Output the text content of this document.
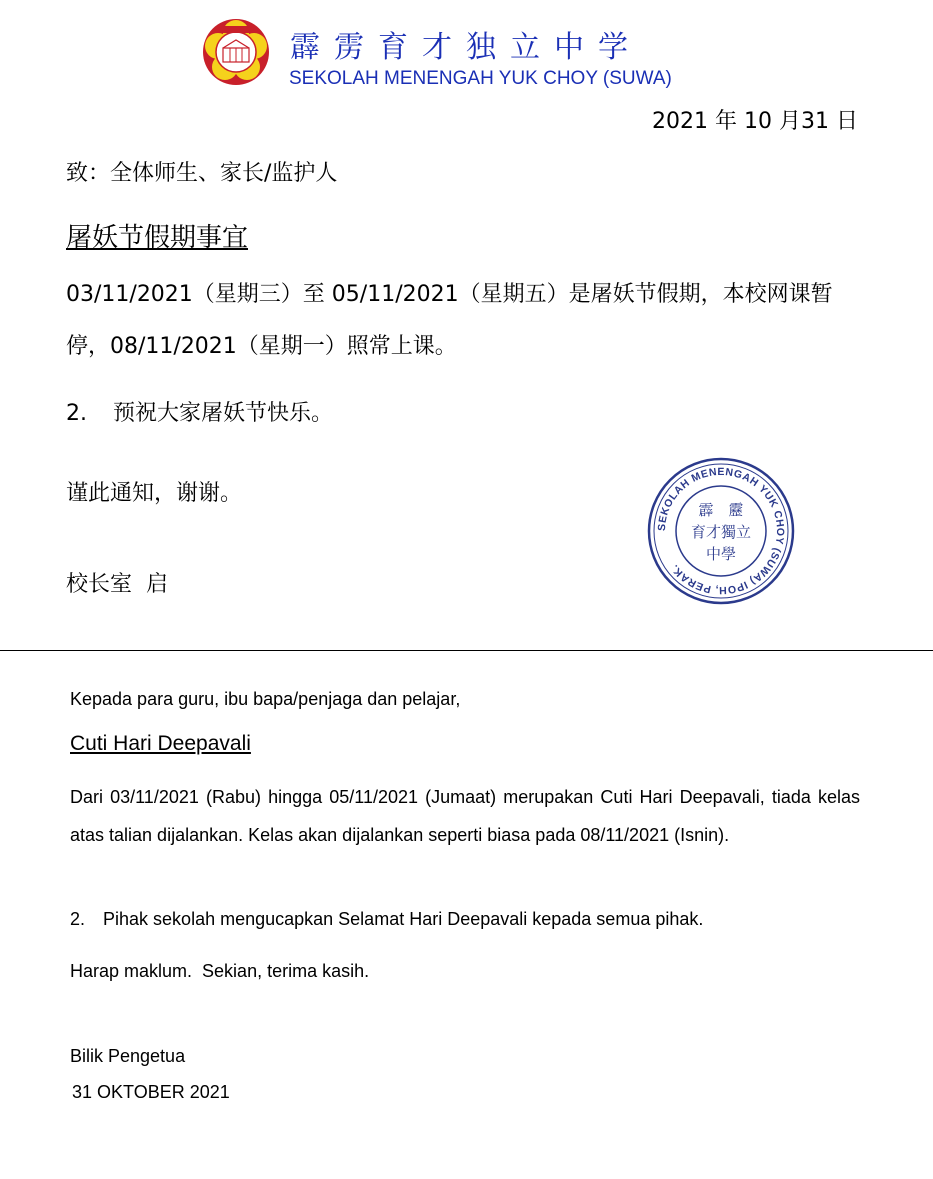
霹雳育才独立中学
SEKOLAH MENENGAH YUK CHOY (SUWA)
2021 年 10 月31 日
致：全体师生、家长/监护人
屠妖节假期事宜
03/11/2021（星期三）至 05/11/2021（星期五）是屠妖节假期，本校网课暂停，08/11/2021（星期一）照常上课。
2. 预祝大家屠妖节快乐。
谨此通知，谢谢。
校长室  启
SEKOLAH MENENGAH YUK CHOY (SUWA) IPOH, PERAK.
霹　靂
育才獨立
中學
Kepada para guru, ibu bapa/penjaga dan pelajar,
Cuti Hari Deepavali
Dari 03/11/2021 (Rabu) hingga 05/11/2021 (Jumaat) merupakan Cuti Hari Deepavali, tiada kelas atas talian dijalankan. Kelas akan dijalankan seperti biasa pada 08/11/2021 (Isnin).
2. Pihak sekolah mengucapkan Selamat Hari Deepavali kepada semua pihak.
Harap maklum.  Sekian, terima kasih.
Bilik Pengetua
31 OKTOBER 2021
